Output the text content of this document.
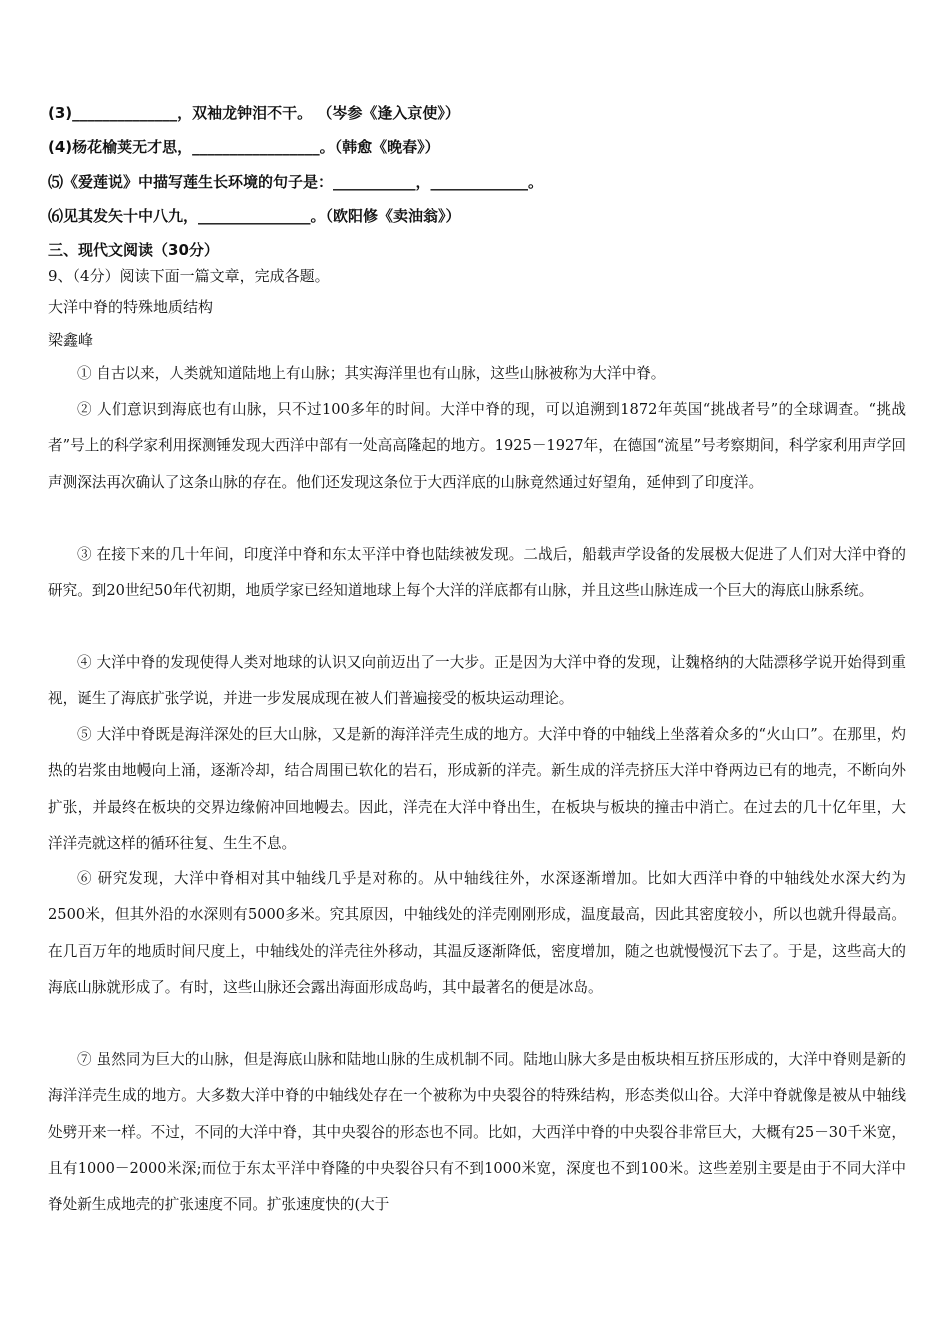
(3)______________，双袖龙钟泪不干。 （岑参《逢入京使》）
(4)杨花榆荚无才思，_________________。（韩愈《晚春》）
⑸《爱莲说》中描写莲生长环境的句子是：___________，_____________。
⑹见其发矢十中八九，_______________。（欧阳修《卖油翁》）
三、现代文阅读（30分）
9、（4分）阅读下面一篇文章，完成各题。
大洋中脊的特殊地质结构
梁鑫峰

① 自古以来，人类就知道陆地上有山脉；其实海洋里也有山脉，这些山脉被称为大洋中脊。

② 人们意识到海底也有山脉，只不过100多年的时间。大洋中脊的现，可以追溯到1872年英国“挑战者号”的全球调查。“挑战者”号上的科学家利用探测锤发现大西洋中部有一处高高隆起的地方。1925－1927年，在德国“流星”号考察期间，科学家利用声学回声测深法再次确认了这条山脉的存在。他们还发现这条位于大西洋底的山脉竟然通过好望角，延伸到了印度洋。

③ 在接下来的几十年间，印度洋中脊和东太平洋中脊也陆续被发现。二战后，船载声学设备的发展极大促进了人们对大洋中脊的研究。到20世纪50年代初期，地质学家已经知道地球上每个大洋的洋底都有山脉，并且这些山脉连成一个巨大的海底山脉系统。

④ 大洋中脊的发现使得人类对地球的认识又向前迈出了一大步。正是因为大洋中脊的发现，让魏格纳的大陆漂移学说开始得到重视，诞生了海底扩张学说，并进一步发展成现在被人们普遍接受的板块运动理论。

⑤ 大洋中脊既是海洋深处的巨大山脉，又是新的海洋洋壳生成的地方。大洋中脊的中轴线上坐落着众多的“火山口”。在那里，灼热的岩浆由地幔向上涌，逐渐冷却，结合周围已软化的岩石，形成新的洋壳。新生成的洋壳挤压大洋中脊两边已有的地壳，不断向外扩张，并最终在板块的交界边缘俯冲回地幔去。因此，洋壳在大洋中脊出生，在板块与板块的撞击中消亡。在过去的几十亿年里，大洋洋壳就这样的循环往复、生生不息。

⑥ 研究发现，大洋中脊相对其中轴线几乎是对称的。从中轴线往外，水深逐渐增加。比如大西洋中脊的中轴线处水深大约为2500米，但其外沿的水深则有5000多米。究其原因，中轴线处的洋壳刚刚形成，温度最高，因此其密度较小，所以也就升得最高。在几百万年的地质时间尺度上，中轴线处的洋壳往外移动，其温反逐渐降低，密度增加，随之也就慢慢沉下去了。于是，这些高大的海底山脉就形成了。有时，这些山脉还会露出海面形成岛屿，其中最著名的便是冰岛。

⑦ 虽然同为巨大的山脉，但是海底山脉和陆地山脉的生成机制不同。陆地山脉大多是由板块相互挤压形成的，大洋中脊则是新的海洋洋壳生成的地方。大多数大洋中脊的中轴线处存在一个被称为中央裂谷的特殊结构，形态类似山谷。大洋中脊就像是被从中轴线处劈开来一样。不过，不同的大洋中脊，其中央裂谷的形态也不同。比如，大西洋中脊的中央裂谷非常巨大，大概有25－30千米宽，且有1000－2000米深;而位于东太平洋中脊隆的中央裂谷只有不到1000米宽，深度也不到100米。这些差别主要是由于不同大洋中脊处新生成地壳的扩张速度不同。扩张速度快的(大于
